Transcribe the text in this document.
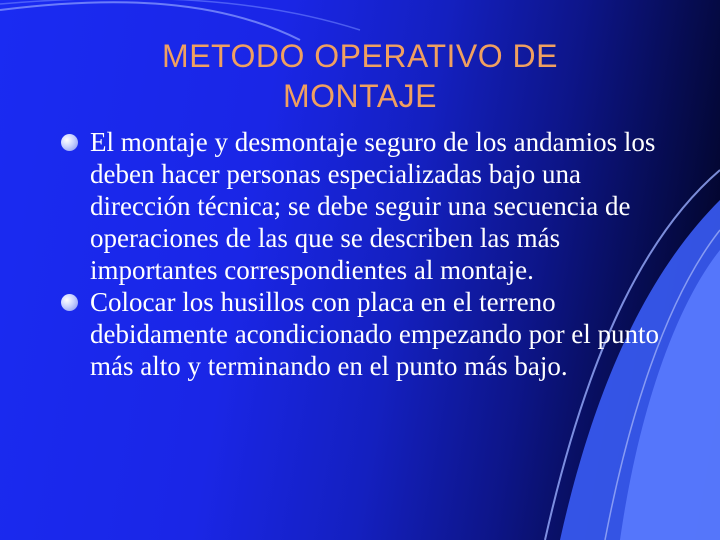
METODO OPERATIVO DE
MONTAJE
El montaje y desmontaje seguro de los andamios los deben hacer personas especializadas bajo una dirección técnica; se debe seguir una secuencia de operaciones de las que se describen las más importantes correspondientes al montaje.
Colocar los husillos con placa en el terreno debidamente acondicionado empezando por el punto más alto y terminando en el punto más bajo.
